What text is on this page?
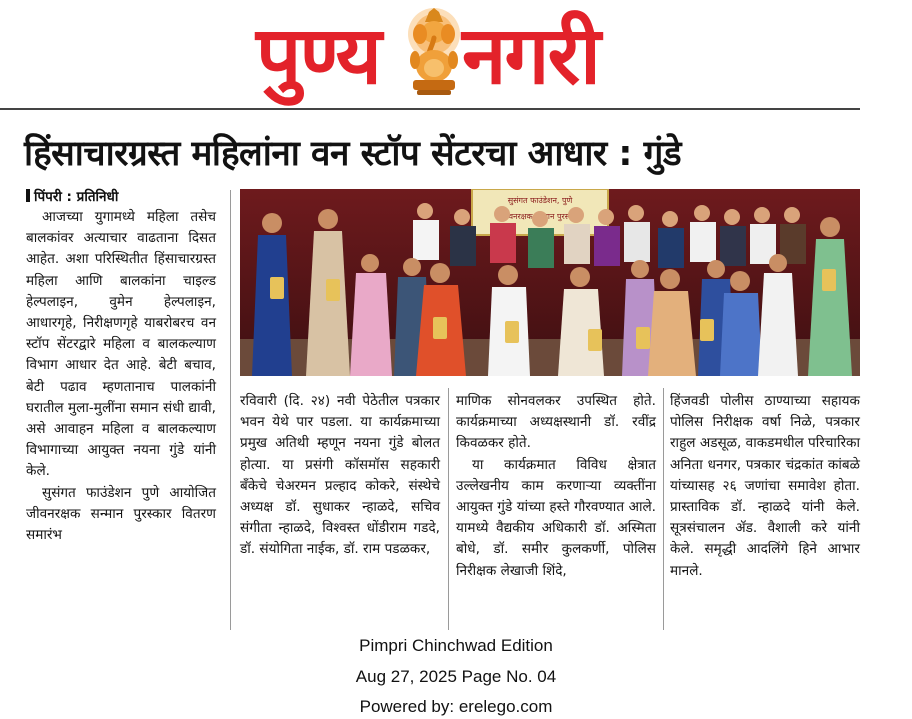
पुण्य नगरी
हिंसाचारग्रस्त महिलांना वन स्टॉप सेंटरचा आधार : गुंडे
पिंपरी : प्रतिनिधी

आजच्या युगामध्ये महिला तसेच बालकांवर अत्याचार वाढताना दिसत आहेत. अशा परिस्थितीत हिंसाचारग्रस्त महिला आणि बालकांना चाइल्ड हेल्पलाइन, वुमेन हेल्पलाइन, आधारगृहे, निरीक्षणगृहे याबरोबरच वन स्टॉप सेंटरद्वारे महिला व बालकल्याण विभाग आधार देत आहे. बेटी बचाव, बेटी पढाव म्हणतानाच पालकांनी घरातील मुला-मुलींना समान संधी द्यावी, असे आवाहन महिला व बालकल्याण विभागाच्या आयुक्त नयना गुंडे यांनी केले.

सुसंगत फाउंडेशन पुणे आयोजित जीवनरक्षक सन्मान पुरस्कार वितरण समारंभ

सुसंगत फाउंडेशन, पुणे
जीवनरक्षक
रविवारी (दि. २४) नवी पेठेतील पत्रकार भवन येथे पार पडला. या कार्यक्रमाच्या प्रमुख अतिथी म्हणून नयना गुंडे बोलत होत्या. या प्रसंगी कॉसमॉस सहकारी बँकेचे चेअरमन प्रल्हाद कोकरे, संस्थेचे अध्यक्ष डॉ. सुधाकर न्हाळदे, सचिव संगीता न्हाळदे, विश्वस्त धोंडीराम गडदे, डॉ. संयोगिता नाईक, डॉ. राम पडळकर,
माणिक सोनवलकर उपस्थित होते. कार्यक्रमाच्या अध्यक्षस्थानी डॉ. रवींद्र किवळकर होते.

या कार्यक्रमात विविध क्षेत्रात उल्लेखनीय काम करणाऱ्या व्यक्तींना आयुक्त गुंडे यांच्या हस्ते गौरवण्यात आले. यामध्ये वैद्यकीय अधिकारी डॉ. अस्मिता बोधे, डॉ. समीर कुलकर्णी, पोलिस निरीक्षक लेखाजी शिंदे,

हिंजवडी पोलीस ठाण्याच्या सहायक पोलिस निरीक्षक वर्षा निळे, पत्रकार राहुल अडसूळ, वाकडमधील परिचारिका अनिता धनगर, पत्रकार चंद्रकांत कांबळे यांच्यासह २६ जणांचा समावेश होता. प्रास्ताविक डॉ. न्हाळदे यांनी केले. सूत्रसंचालन ॲड. वैशाली करे यांनी केले. समृद्धी आदलिंगे हिने आभार मानले.
Pimpri Chinchwad Edition
Aug 27, 2025 Page No. 04
Powered by: erelego.com
